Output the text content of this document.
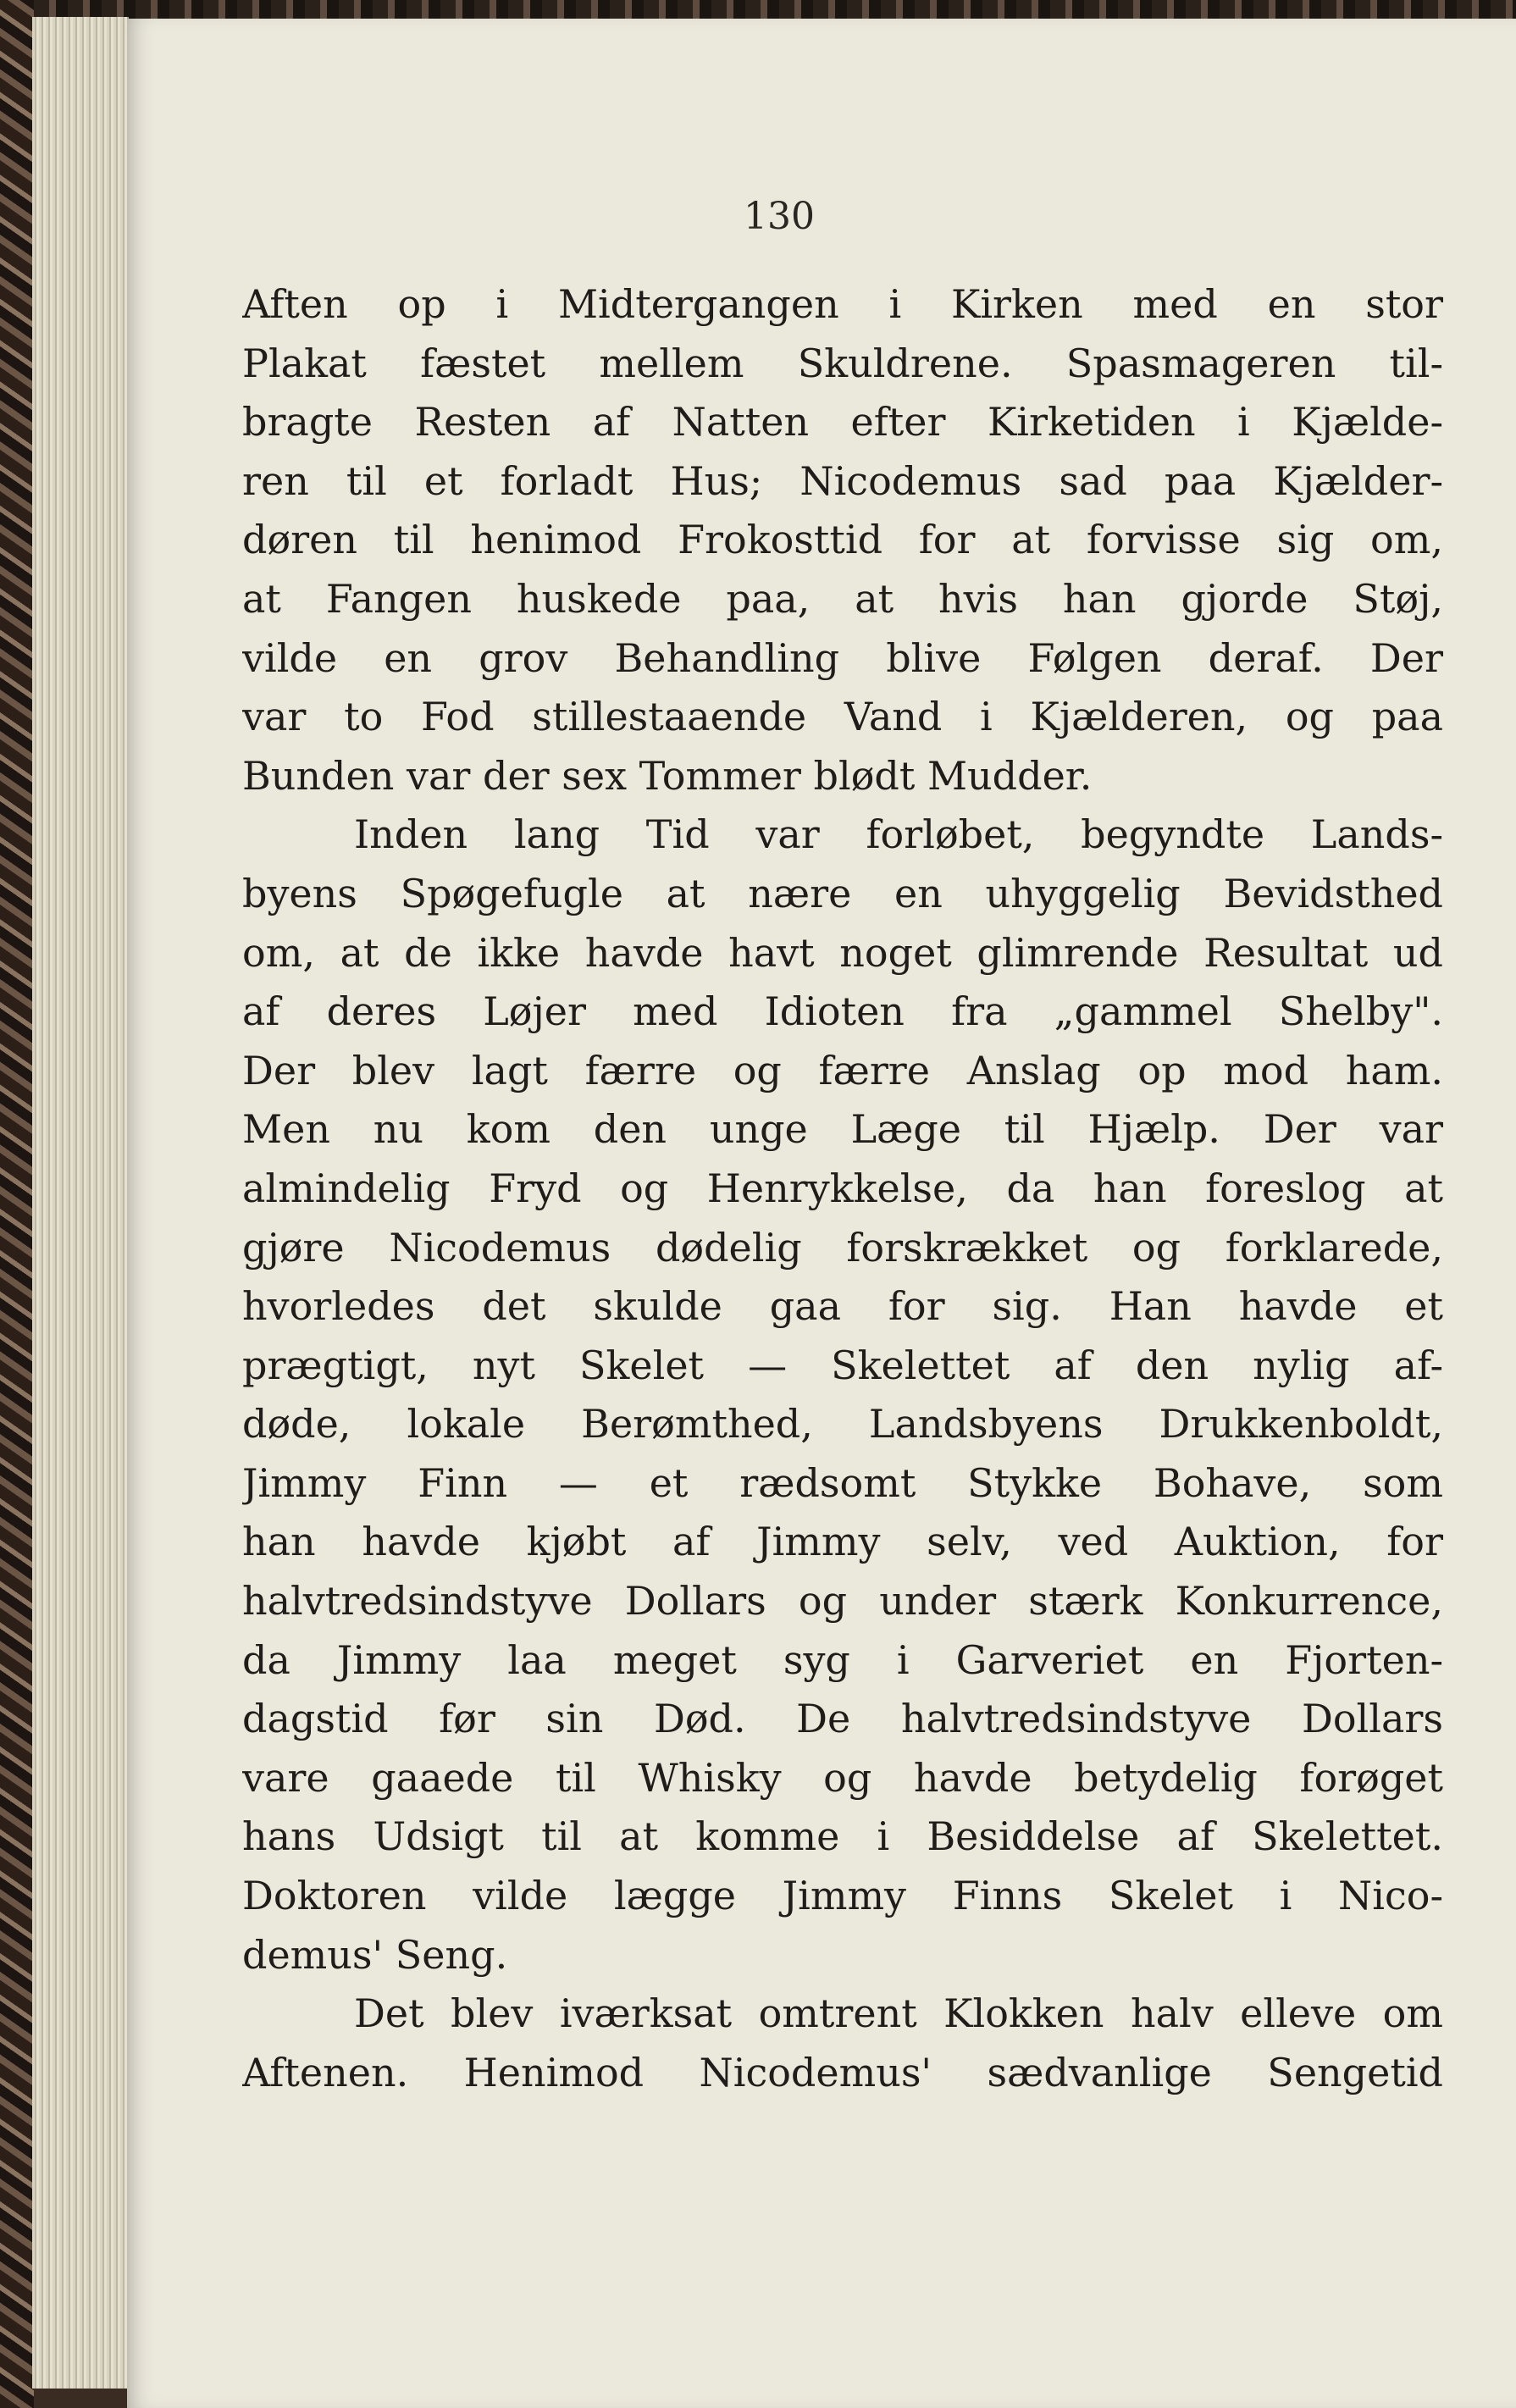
130
Aften op i Midtergangen i Kirken med en stor
Plakat fæstet mellem Skuldrene. Spasmageren til-
bragte Resten af Natten efter Kirketiden i Kjælde-
ren til et forladt Hus; Nicodemus sad paa Kjælder-
døren til henimod Frokosttid for at forvisse sig om,
at Fangen huskede paa, at hvis han gjorde Støj,
vilde en grov Behandling blive Følgen deraf. Der
var to Fod stillestaaende Vand i Kjælderen, og paa
Bunden var der sex Tommer blødt Mudder.
Inden lang Tid var forløbet, begyndte Lands-
byens Spøgefugle at nære en uhyggelig Bevidsthed
om, at de ikke havde havt noget glimrende Resultat ud
af deres Løjer med Idioten fra „gammel Shelby".
Der blev lagt færre og færre Anslag op mod ham.
Men nu kom den unge Læge til Hjælp. Der var
almindelig Fryd og Henrykkelse, da han foreslog at
gjøre Nicodemus dødelig forskrækket og forklarede,
hvorledes det skulde gaa for sig. Han havde et
prægtigt, nyt Skelet — Skelettet af den nylig af-
døde, lokale Berømthed, Landsbyens Drukkenboldt,
Jimmy Finn — et rædsomt Stykke Bohave, som
han havde kjøbt af Jimmy selv, ved Auktion, for
halvtredsindstyve Dollars og under stærk Konkurrence,
da Jimmy laa meget syg i Garveriet en Fjorten-
dagstid før sin Død. De halvtredsindstyve Dollars
vare gaaede til Whisky og havde betydelig forøget
hans Udsigt til at komme i Besiddelse af Skelettet.
Doktoren vilde lægge Jimmy Finns Skelet i Nico-
demus' Seng.
Det blev iværksat omtrent Klokken halv elleve om
Aftenen. Henimod Nicodemus' sædvanlige Sengetid
